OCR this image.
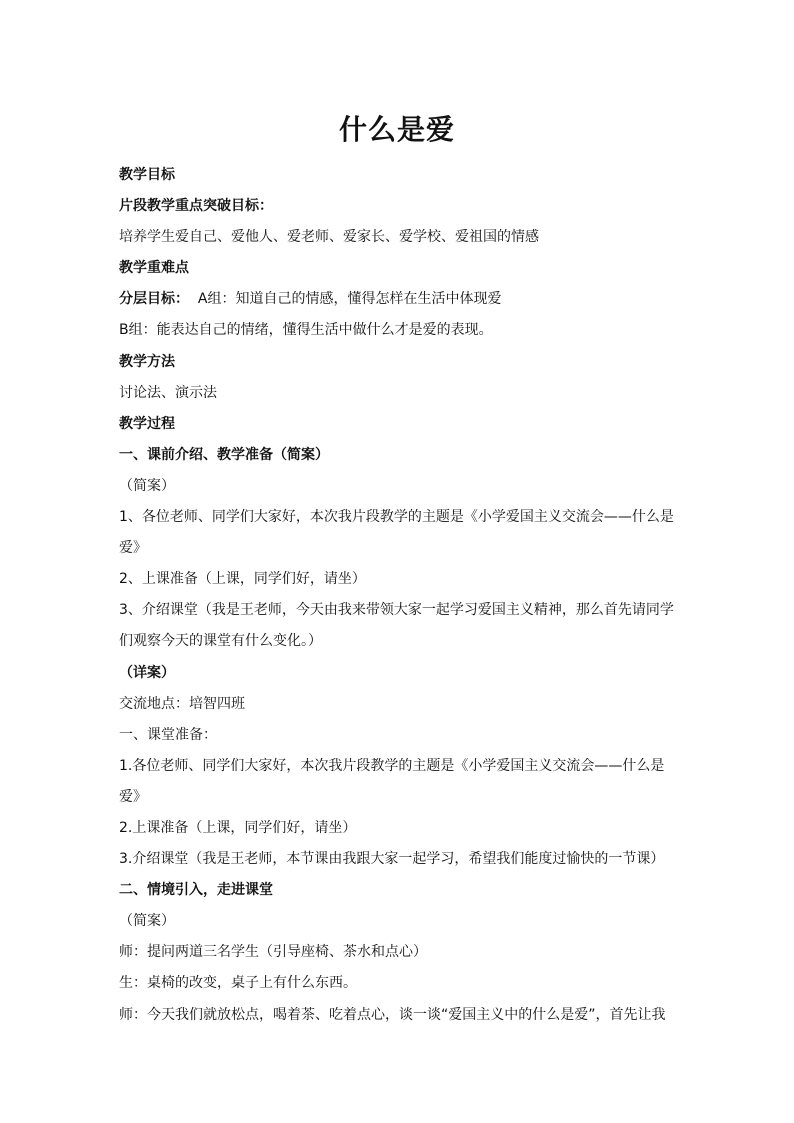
什么是爱
教学目标
片段教学重点突破目标：
培养学生爱自己、爱他人、爱老师、爱家长、爱学校、爱祖国的情感
教学重难点
分层目标：  A组：知道自己的情感，懂得怎样在生活中体现爱
B组：能表达自己的情绪，懂得生活中做什么才是爱的表现。
教学方法
讨论法、演示法
教学过程
一、课前介绍、教学准备（简案）
（简案）
1、各位老师、同学们大家好，本次我片段教学的主题是《小学爱国主义交流会——什么是
爱》
2、上课准备（上课，同学们好，请坐）
3、介绍课堂（我是王老师，今天由我来带领大家一起学习爱国主义精神，那么首先请同学
们观察今天的课堂有什么变化。）
（详案）
交流地点：培智四班
一、课堂准备：
1.各位老师、同学们大家好，本次我片段教学的主题是《小学爱国主义交流会——什么是
爱》
2.上课准备（上课，同学们好，请坐）
3.介绍课堂（我是王老师，本节课由我跟大家一起学习，希望我们能度过愉快的一节课）
二、情境引入，走进课堂
（简案）
师：提问两道三名学生（引导座椅、茶水和点心）
生：桌椅的改变，桌子上有什么东西。
师：今天我们就放松点，喝着茶、吃着点心，谈一谈“爱国主义中的什么是爱”，首先让我
